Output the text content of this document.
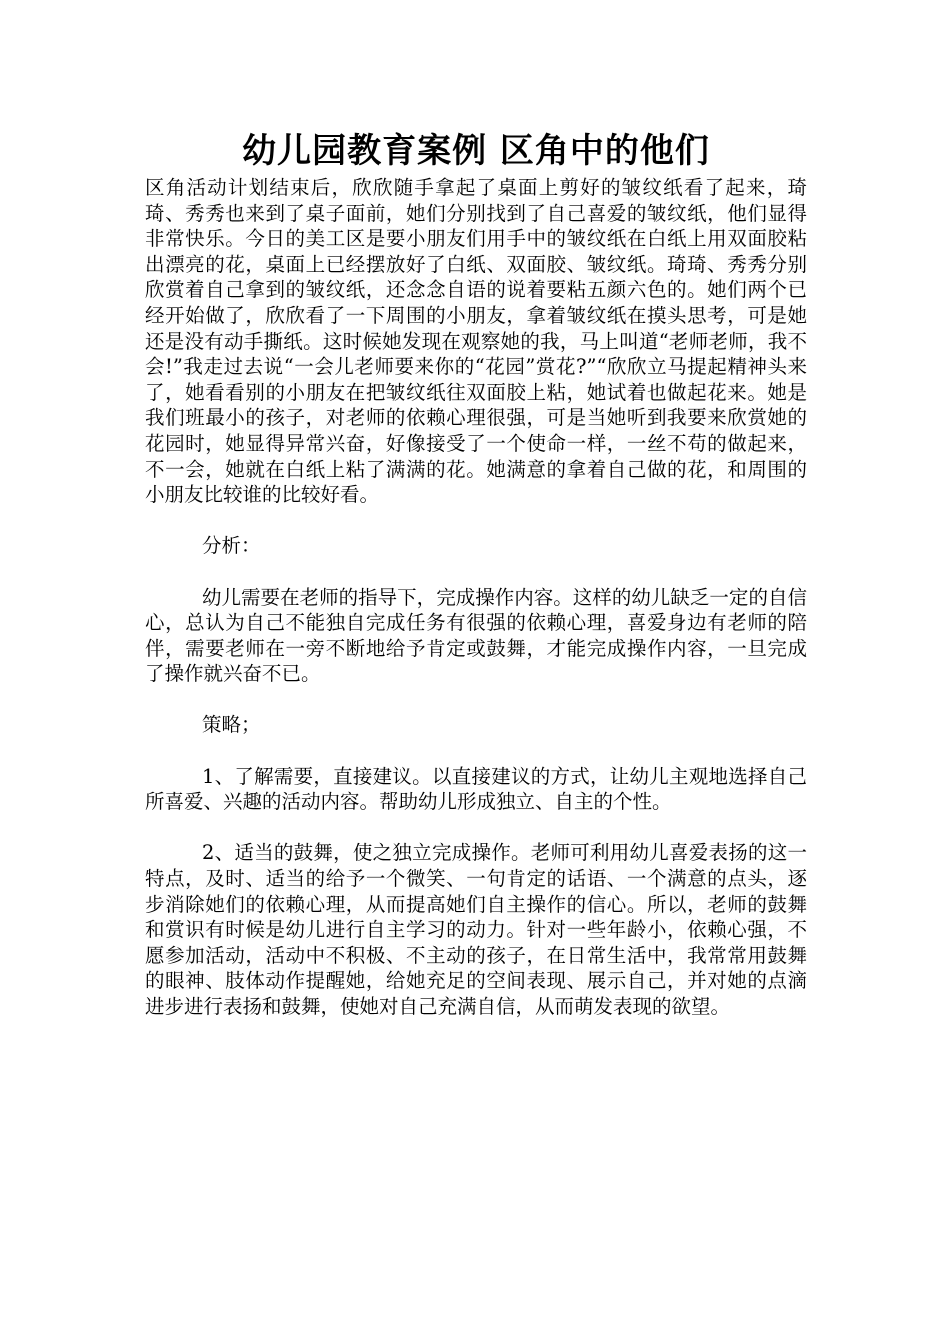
幼儿园教育案例 区角中的他们

区角活动计划结束后，欣欣随手拿起了桌面上剪好的皱纹纸看了起来，琦琦、秀秀也来到了桌子面前，她们分别找到了自己喜爱的皱纹纸，他们显得非常快乐。今日的美工区是要小朋友们用手中的皱纹纸在白纸上用双面胶粘出漂亮的花，桌面上已经摆放好了白纸、双面胶、皱纹纸。琦琦、秀秀分别欣赏着自己拿到的皱纹纸，还念念自语的说着要粘五颜六色的。她们两个已经开始做了，欣欣看了一下周围的小朋友，拿着皱纹纸在摸头思考，可是她还是没有动手撕纸。这时候她发现在观察她的我，马上叫道“老师老师，我不会!”我走过去说“一会儿老师要来你的“花园”赏花?”“欣欣立马提起精神头来了，她看看别的小朋友在把皱纹纸往双面胶上粘，她试着也做起花来。她是我们班最小的孩子，对老师的依赖心理很强，可是当她听到我要来欣赏她的花园时，她显得异常兴奋，好像接受了一个使命一样，一丝不苟的做起来，不一会，她就在白纸上粘了满满的花。她满意的拿着自己做的花，和周围的小朋友比较谁的比较好看。

分析：

幼儿需要在老师的指导下，完成操作内容。这样的幼儿缺乏一定的自信心，总认为自己不能独自完成任务有很强的依赖心理，喜爱身边有老师的陪伴，需要老师在一旁不断地给予肯定或鼓舞，才能完成操作内容，一旦完成了操作就兴奋不已。

策略；

1、了解需要，直接建议。以直接建议的方式，让幼儿主观地选择自己所喜爱、兴趣的活动内容。帮助幼儿形成独立、自主的个性。

2、适当的鼓舞，使之独立完成操作。老师可利用幼儿喜爱表扬的这一特点，及时、适当的给予一个微笑、一句肯定的话语、一个满意的点头，逐步消除她们的依赖心理，从而提高她们自主操作的信心。所以，老师的鼓舞和赏识有时候是幼儿进行自主学习的动力。针对一些年龄小，依赖心强，不愿参加活动，活动中不积极、不主动的孩子，在日常生活中，我常常用鼓舞的眼神、肢体动作提醒她，给她充足的空间表现、展示自己，并对她的点滴进步进行表扬和鼓舞，使她对自己充满自信，从而萌发表现的欲望。
